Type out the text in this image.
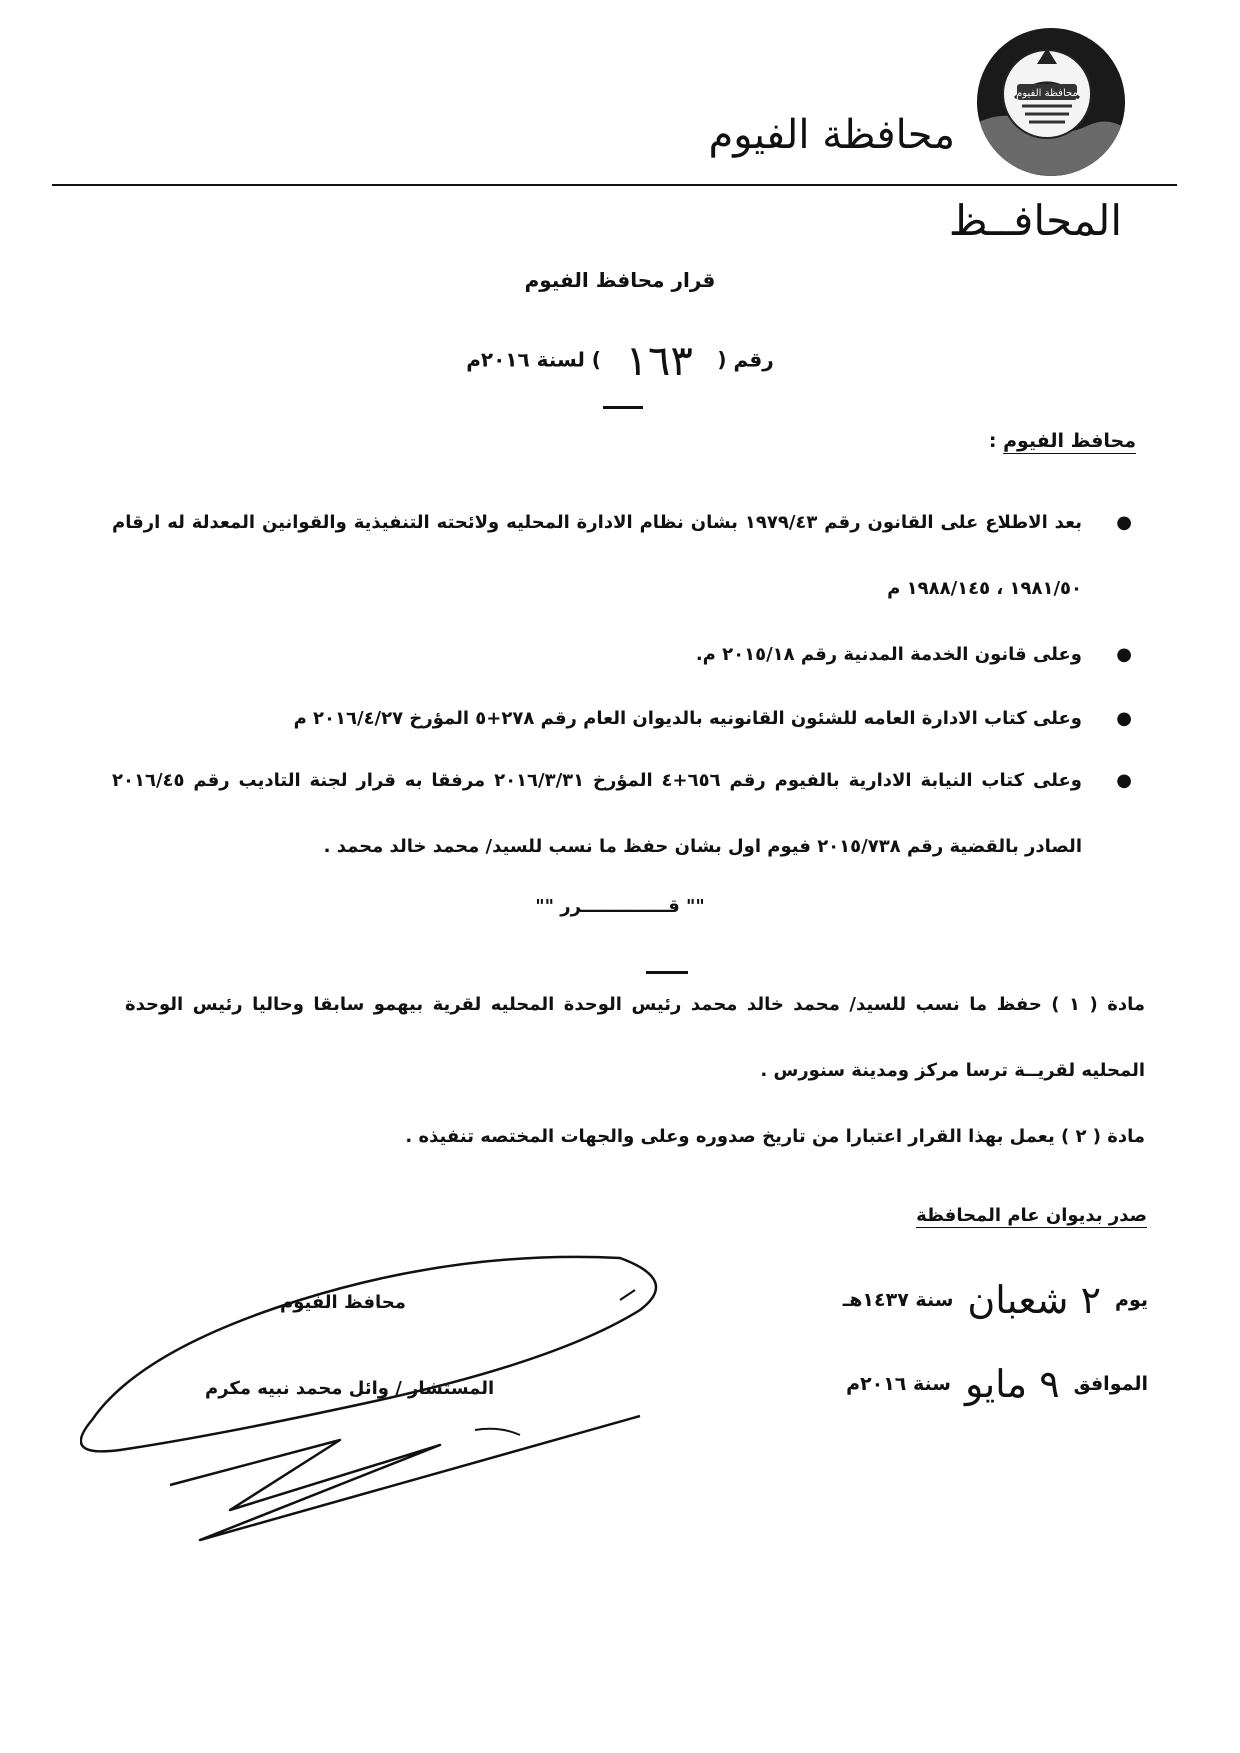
محافظة الفيوم
محافظة الفيوم
المحافــظ
قرار محافظ الفيوم
رقم ( ١٦٣ ) لسنة ٢٠١٦م
محافظ الفيوم :
●
بعد الاطلاع على القانون رقم ١٩٧٩/٤٣ بشان نظام الادارة المحليه ولائحته التنفيذية والقوانين المعدلة له ارقام ١٩٨١/٥٠ ، ١٩٨٨/١٤٥ م
●
وعلى قانون الخدمة المدنية رقم ٢٠١٥/١٨ م.
●
وعلى كتاب الادارة العامه للشئون القانونيه بالديوان العام رقم ٢٧٨+٥ المؤرخ ٢٠١٦/٤/٢٧ م
●
وعلى كتاب النيابة الادارية بالفيوم رقم ٦٥٦+٤ المؤرخ ٢٠١٦/٣/٣١ مرفقا به قرار لجنة التاديب رقم ٢٠١٦/٤٥ الصادر بالقضية رقم ٢٠١٥/٧٣٨ فيوم اول بشان حفظ ما نسب للسيد/ محمد خالد محمد .
"" قــــــــــــــرر ""
مادة ( ١ ) حفظ ما نسب للسيد/ محمد خالد محمد رئيس الوحدة المحليه لقرية بيهمو سابقا وحاليا رئيس الوحدة المحليه لقريــة ترسا مركز ومدينة سنورس .
مادة ( ٢ ) يعمل بهذا القرار اعتبارا من تاريخ صدوره وعلى والجهات المختصه تنفيذه .
صدر بديوان عام المحافظة
يوم
٢ شعبان
سنة ١٤٣٧هـ
الموافق
٩ مايو
سنة ٢٠١٦م
محافظ الفيوم
المستشار / وائل محمد نبيه مكرم
